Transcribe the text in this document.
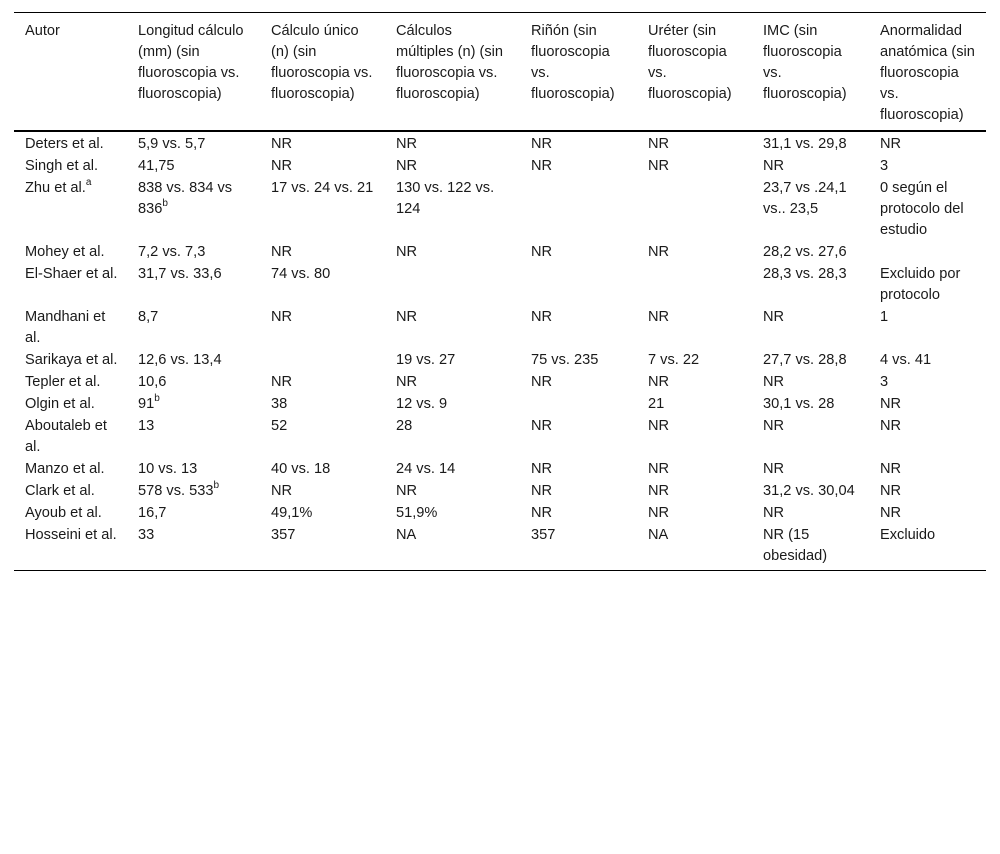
Autor	Longitud cálculo (mm) (sin fluoroscopia vs. fluoroscopia)	Cálculo único (n) (sin fluoroscopia vs. fluoroscopia)	Cálculos múltiples (n) (sin fluoroscopia vs. fluoroscopia)	Riñón (sin fluoroscopia vs. fluoroscopia)	Uréter (sin fluoroscopia vs. fluoroscopia)	IMC (sin fluoroscopia vs. fluoroscopia)	Anormalidad anatómica (sin fluoroscopia vs. fluoroscopia)
Deters et al.	5,9 vs. 5,7	NR	NR	NR	NR	31,1 vs. 29,8	NR
Singh et al.	41,75	NR	NR	NR	NR	NR	3
Zhu et al.$^a$	838 vs. 834 vs 836$^b$	17 vs. 24 vs. 21	130 vs. 122 vs. 124			23,7 vs .24,1 vs.. 23,5	0 según el protocolo del estudio
Mohey et al.	7,2 vs. 7,3	NR	NR	NR	NR	28,2 vs. 27,6	
El-Shaer et al.	31,7 vs. 33,6	74 vs. 80				28,3 vs. 28,3	Excluido por protocolo
Mandhani et al.	8,7	NR	NR	NR	NR	NR	1
Sarikaya et al.	12,6 vs. 13,4		19 vs. 27	75 vs. 235	7 vs. 22	27,7 vs. 28,8	4 vs. 41
Tepler et al.	10,6	NR	NR	NR	NR	NR	3
Olgin et al.	91$^b$	38	12 vs. 9		21	30,1 vs. 28	NR
Aboutaleb et al.	13	52	28	NR	NR	NR	NR
Manzo et al.	10 vs. 13	40 vs. 18	24 vs. 14	NR	NR	NR	NR
Clark et al.	578 vs. 533$^b$	NR	NR	NR	NR	31,2 vs. 30,04	NR
Ayoub et al.	16,7	49,1%	51,9%	NR	NR	NR	NR
Hosseini et al.	33	357	NA	357	NA	NR (15 obesidad)	Excluido
